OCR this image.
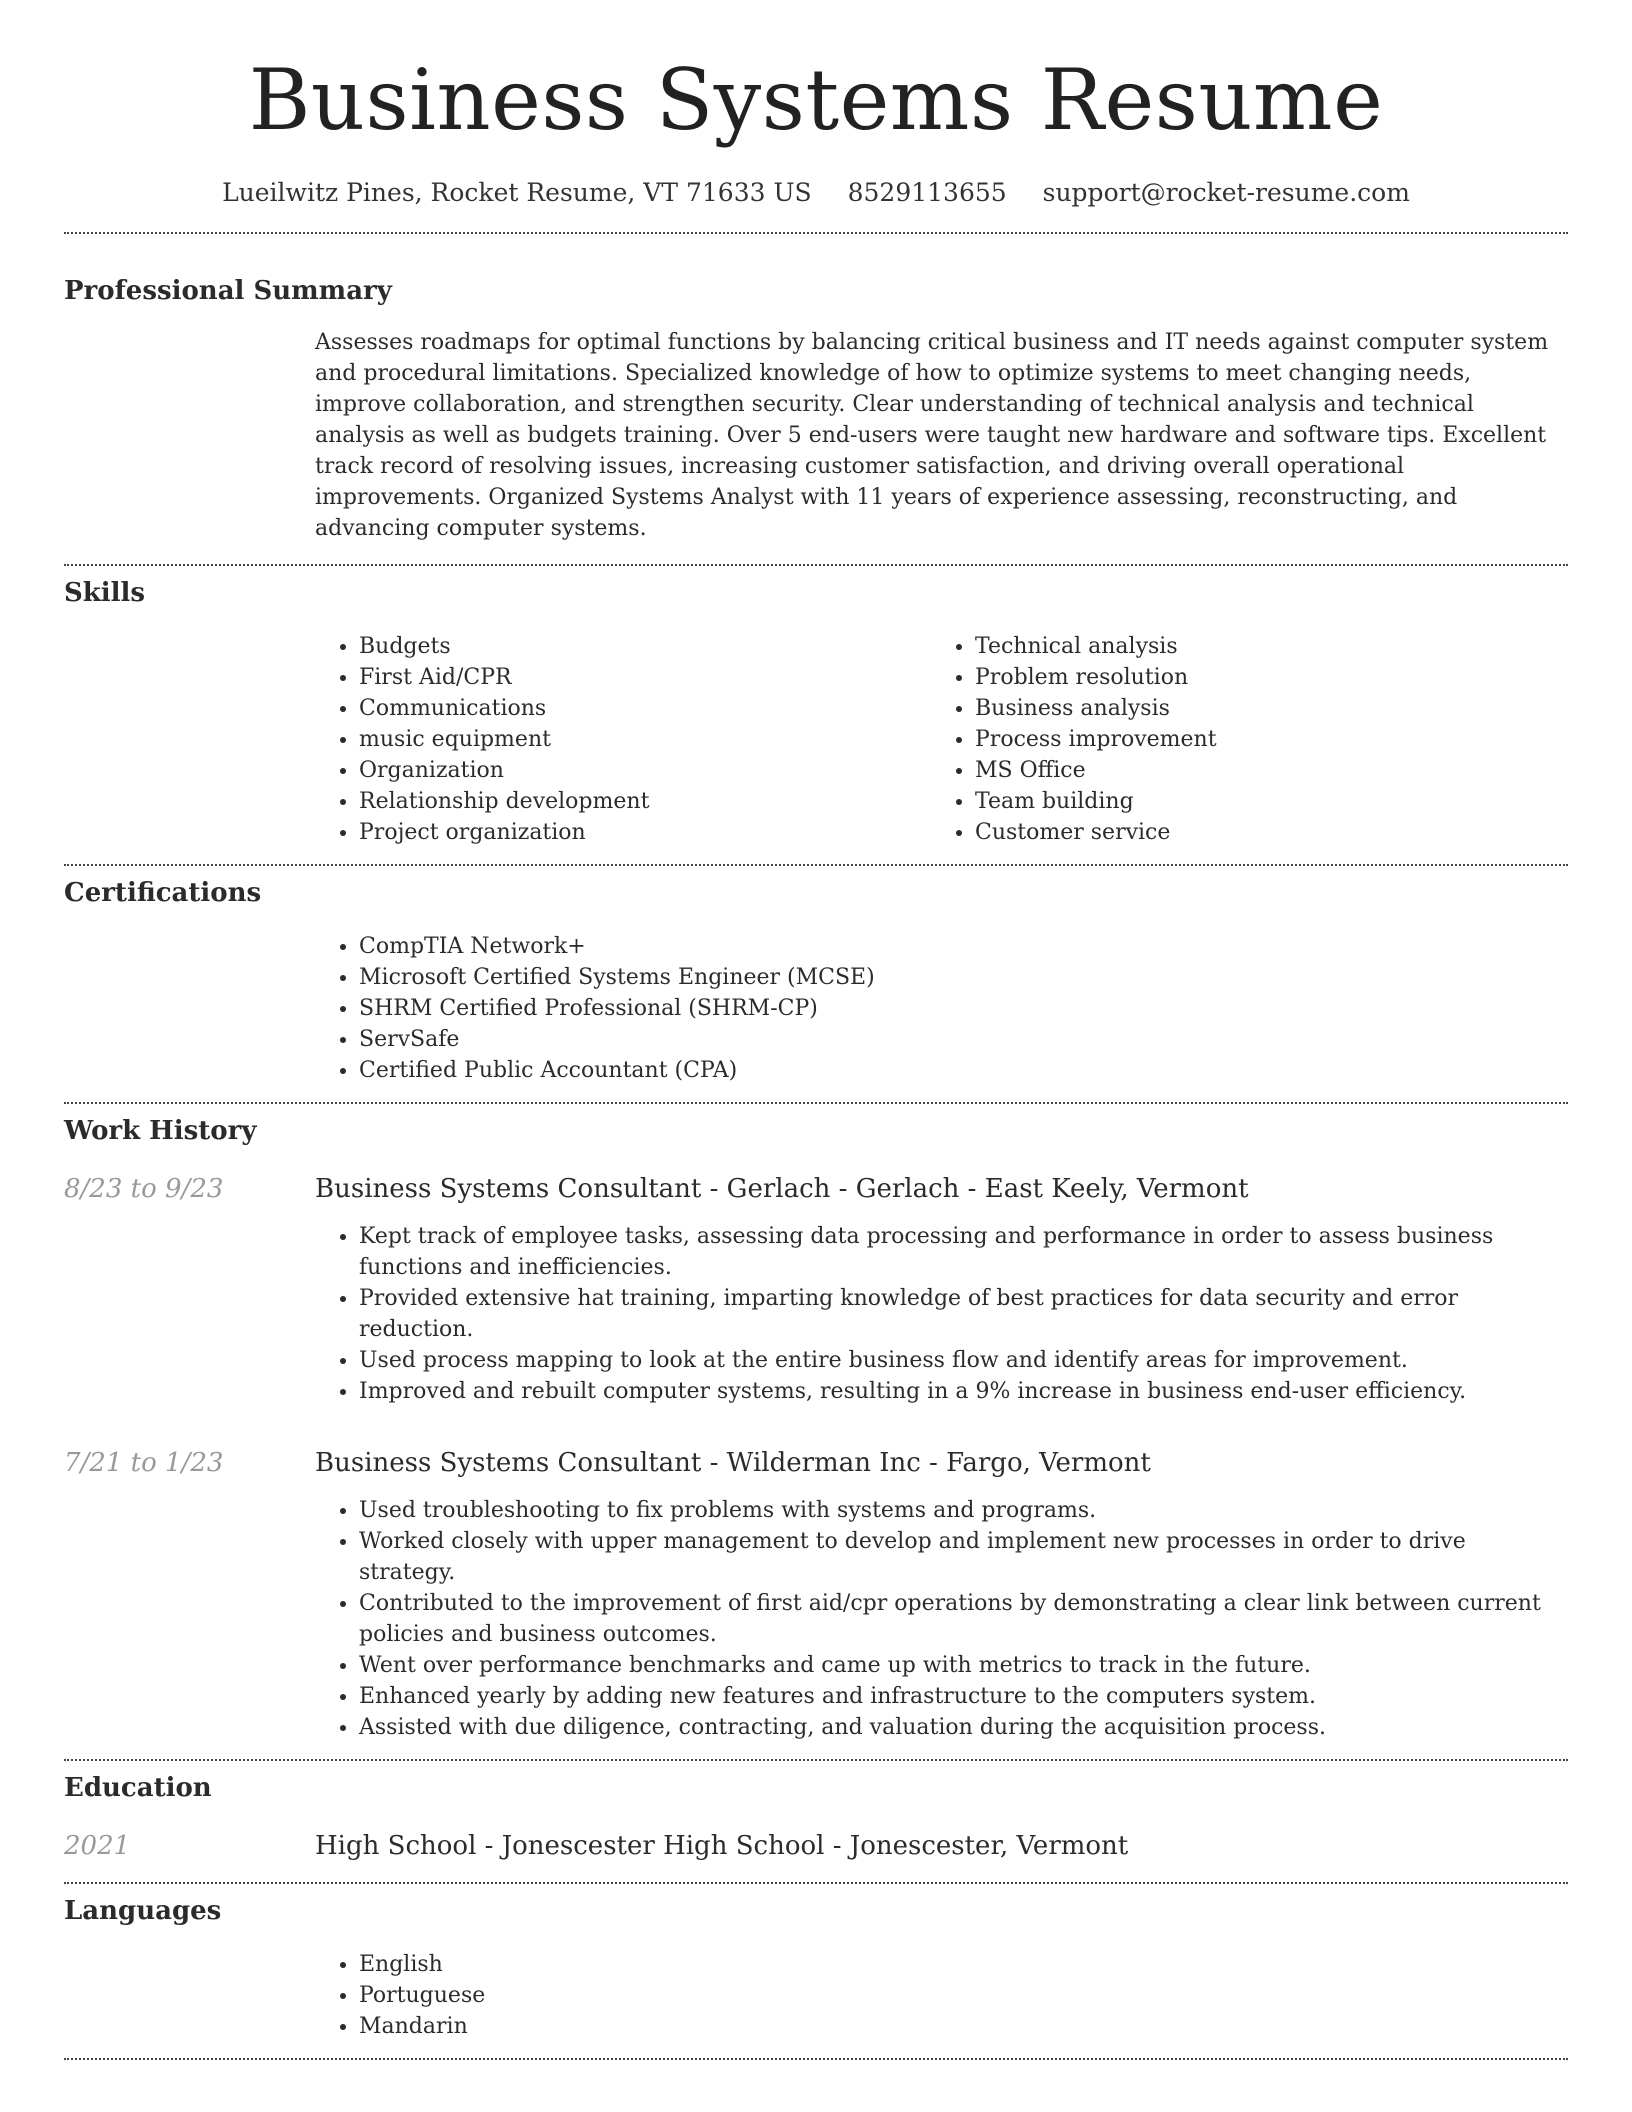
Business Systems Resume
Lueilwitz Pines, Rocket Resume, VT 71633 US 8529113655 support@rocket-resume.com
Professional Summary

Assesses roadmaps for optimal functions by balancing critical business and IT needs against computer system and procedural limitations. Specialized knowledge of how to optimize systems to meet changing needs, improve collaboration, and strengthen security. Clear understanding of technical analysis and technical analysis as well as budgets training. Over 5 end-users were taught new hardware and software tips. Excellent track record of resolving issues, increasing customer satisfaction, and driving overall operational improvements. Organized Systems Analyst with 11 years of experience assessing, reconstructing, and advancing computer systems.

Skills
• Budgets
• First Aid/CPR
• Communications
• music equipment
• Organization
• Relationship development
• Project organization
• Technical analysis
• Problem resolution
• Business analysis
• Process improvement
• MS Office
• Team building
• Customer service
Certifications
• CompTIA Network+
• Microsoft Certified Systems Engineer (MCSE)
• SHRM Certified Professional (SHRM-CP)
• ServSafe
• Certified Public Accountant (CPA)
Work History
8/23 to 9/23	Business Systems Consultant - Gerlach - Gerlach - East Keely, Vermont
• Kept track of employee tasks, assessing data processing and performance in order to assess business functions and inefficiencies.
• Provided extensive hat training, imparting knowledge of best practices for data security and error reduction.
• Used process mapping to look at the entire business flow and identify areas for improvement.
• Improved and rebuilt computer systems, resulting in a 9% increase in business end-user efficiency.
7/21 to 1/23	Business Systems Consultant - Wilderman Inc - Fargo, Vermont
• Used troubleshooting to fix problems with systems and programs.
• Worked closely with upper management to develop and implement new processes in order to drive strategy.
• Contributed to the improvement of first aid/cpr operations by demonstrating a clear link between current policies and business outcomes.
• Went over performance benchmarks and came up with metrics to track in the future.
• Enhanced yearly by adding new features and infrastructure to the computers system.
• Assisted with due diligence, contracting, and valuation during the acquisition process.
Education
2021	High School - Jonescester High School - Jonescester, Vermont
Languages
• English
• Portuguese
• Mandarin
